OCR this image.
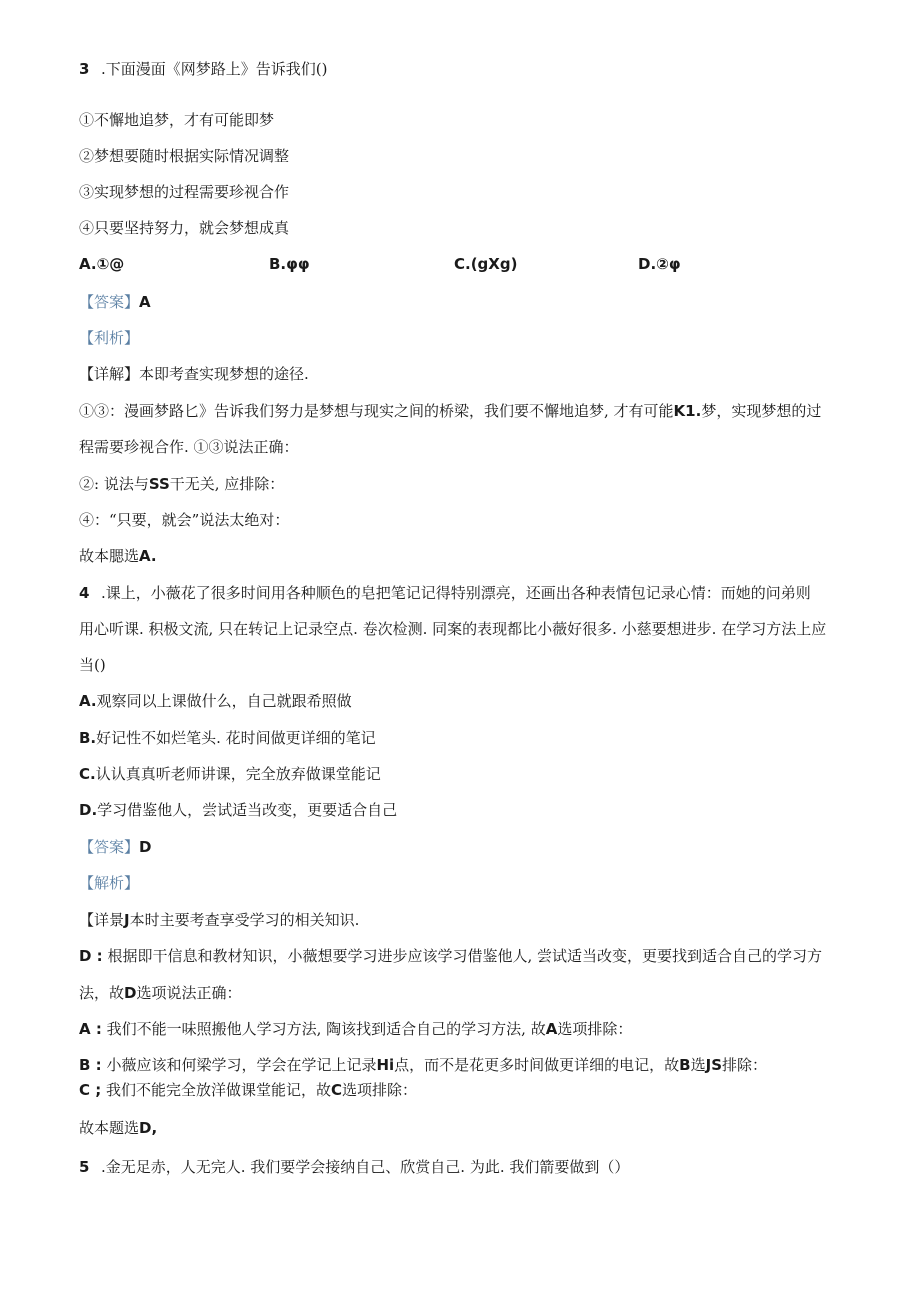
3 .下面漫面《网梦路上》告诉我们()
①不懈地追梦，才有可能即梦
②梦想要随时根据实际情况调整
③实现梦想的过程需要珍视合作
④只要坚持努力，就会梦想成真
A.①@	B.φφ	C.(gXg)	D.②φ
【答案】A
【利析】
【详解】本即考查实现梦想的途径.
①③：漫画梦路匕》告诉我们努力是梦想与现实之间的桥梁，我们要不懈地追梦, 才有可能K1.梦，实现梦想的过
程需要珍视合作. ①③说法正确：
②: 说法与SS干无关, 应排除：
④：“只要，就会”说法太绝对：
故本腮选A.
4 .课上，小薇花了很多时间用各种顺色的皂把笔记记得特别漂亮，还画出各种表情包记录心情：而她的问弟则
用心听课. 积极文流, 只在转记上记录空点. 卷次检测. 同案的表现都比小薇好很多. 小慈要想进步. 在学习方法上应
当()
A.观察同以上课做什么，自己就跟希照做
B.好记性不如烂笔头. 花时间做更详细的笔记
C.认认真真听老师讲课，完全放弃做课堂能记
D.学习借鉴他人，尝试适当改变，更要适合自己
【答案】D
【解析】
【详景J本时主要考查享受学习的相关知识.
D : 根据即干信息和教材知识，小薇想要学习进步应该学习借鉴他人, 尝试适当改变，更要找到适合自己的学习方
法，故D选项说法正确：
A : 我们不能一味照搬他人学习方法, 陶该找到适合自己的学习方法, 故A选项排除：
B : 小薇应该和何梁学习，学会在学记上记录Hi点，而不是花更多时间做更详细的电记，故B选JS排除：
C ; 我们不能完全放洋做课堂能记，故C选项排除：
故本题选D,
5 .金无足赤，人无完人. 我们要学会接纳自己、欣赏自己. 为此. 我们箭要做到（）
